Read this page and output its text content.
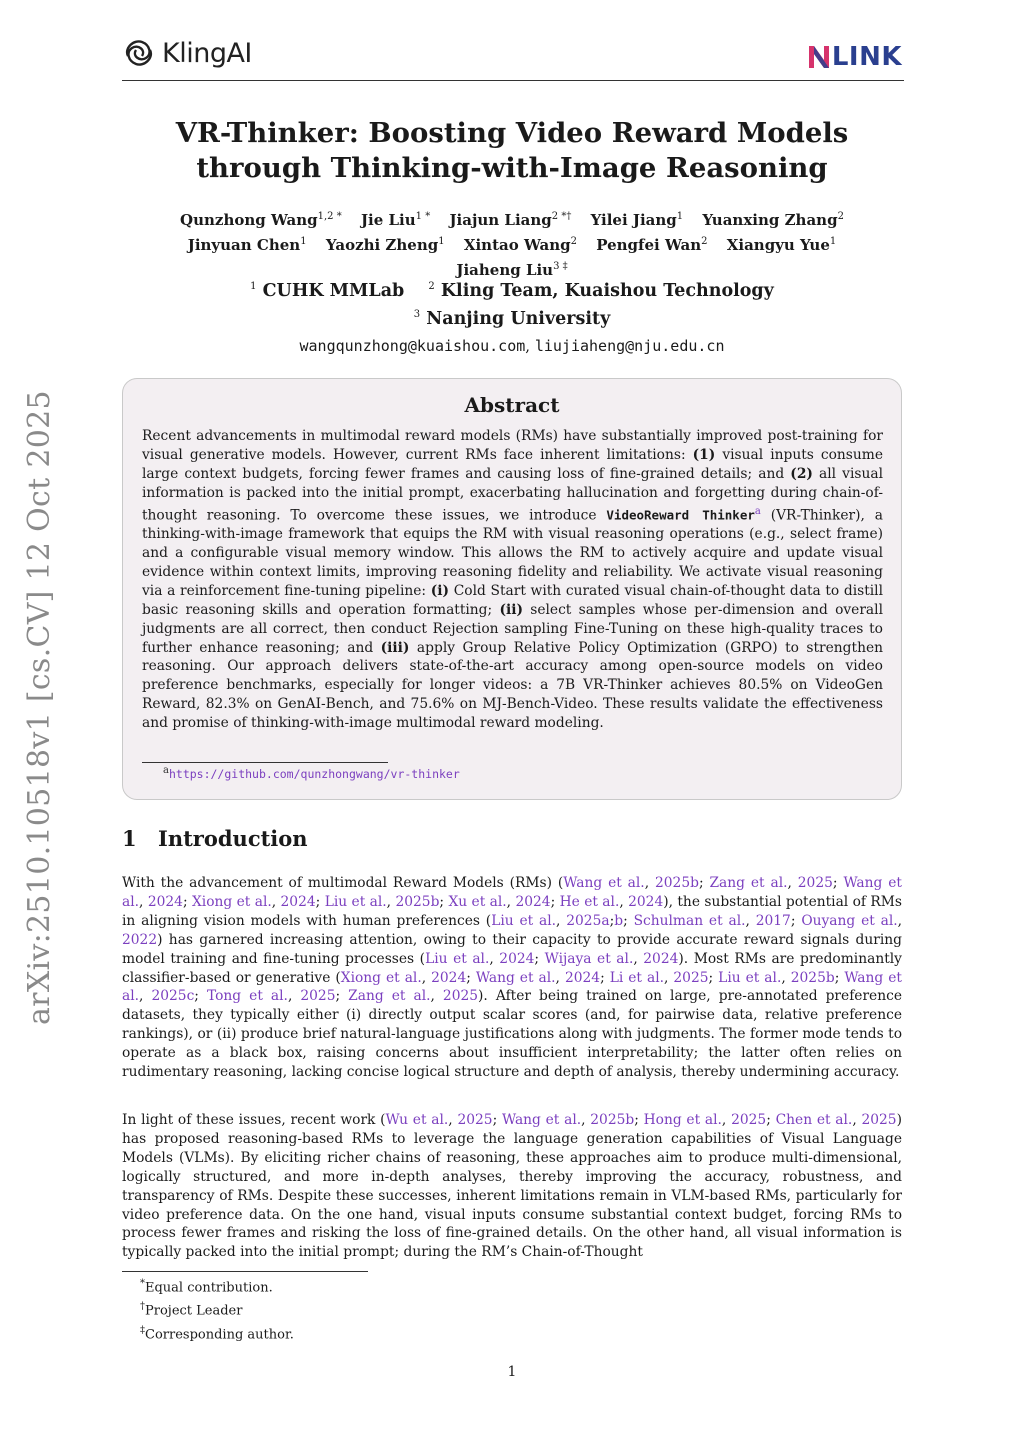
KlingAI	LINK
arXiv:2510.10518v1 [cs.CV] 12 Oct 2025
VR-Thinker: Boosting Video Reward Models
through Thinking-with-Image Reasoning
Qunzhong Wang$^{1,2 *}$ Jie Liu$^{1 *}$ Jiajun Liang$^{2 *\dagger}$ Yilei Jiang$^1$ Yuanxing Zhang$^2$
Jinyuan Chen$^1$ Yaozhi Zheng$^1$ Xintao Wang$^2$ Pengfei Wan$^2$ Xiangyu Yue$^1$
Jiaheng Liu$^{3 \ddagger}$
$^1$ CUHK MMLab $^2$ Kling Team, Kuaishou Technology
$^3$ Nanjing University
wangqunzhong@kuaishou.com, liujiaheng@nju.edu.cn
Abstract
Recent advancements in multimodal reward models (RMs) have substantially improved post-training for visual generative models. However, current RMs face inherent limitations: (1) visual inputs consume large context budgets, forcing fewer frames and causing loss of fine-grained details; and (2) all visual information is packed into the initial prompt, exacerbating hallucination and forgetting during chain-of-thought reasoning. To overcome these issues, we introduce VideoReward Thinker$^a$ (VR-Thinker), a thinking-with-image framework that equips the RM with visual reasoning operations (e.g., select frame) and a configurable visual memory window. This allows the RM to actively acquire and update visual evidence within context limits, improving reasoning fidelity and reliability. We activate visual reasoning via a reinforcement fine-tuning pipeline: (i) Cold Start with curated visual chain-of-thought data to distill basic reasoning skills and operation formatting; (ii) select samples whose per-dimension and overall judgments are all correct, then conduct Rejection sampling Fine-Tuning on these high-quality traces to further enhance reasoning; and (iii) apply Group Relative Policy Optimization (GRPO) to strengthen reasoning. Our approach delivers state-of-the-art accuracy among open-source models on video preference benchmarks, especially for longer videos: a 7B VR-Thinker achieves 80.5% on VideoGen Reward, 82.3% on GenAI-Bench, and 75.6% on MJ-Bench-Video. These results validate the effectiveness and promise of thinking-with-image multimodal reward modeling.
ahttps://github.com/qunzhongwang/vr-thinker
1 Introduction
With the advancement of multimodal Reward Models (RMs) (Wang et al., 2025b; Zang et al., 2025; Wang et al., 2024; Xiong et al., 2024; Liu et al., 2025b; Xu et al., 2024; He et al., 2024), the substantial potential of RMs in aligning vision models with human preferences (Liu et al., 2025a;b; Schulman et al., 2017; Ouyang et al., 2022) has garnered increasing attention, owing to their capacity to provide accurate reward signals during model training and fine-tuning processes (Liu et al., 2024; Wijaya et al., 2024). Most RMs are predominantly classifier-based or generative (Xiong et al., 2024; Wang et al., 2024; Li et al., 2025; Liu et al., 2025b; Wang et al., 2025c; Tong et al., 2025; Zang et al., 2025). After being trained on large, pre-annotated preference datasets, they typically either (i) directly output scalar scores (and, for pairwise data, relative preference rankings), or (ii) produce brief natural-language justifications along with judgments. The former mode tends to operate as a black box, raising concerns about insufficient interpretability; the latter often relies on rudimentary reasoning, lacking concise logical structure and depth of analysis, thereby undermining accuracy.
In light of these issues, recent work (Wu et al., 2025; Wang et al., 2025b; Hong et al., 2025; Chen et al., 2025) has proposed reasoning-based RMs to leverage the language generation capabilities of Visual Language Models (VLMs). By eliciting richer chains of reasoning, these approaches aim to produce multi-dimensional, logically structured, and more in-depth analyses, thereby improving the accuracy, robustness, and transparency of RMs. Despite these successes, inherent limitations remain in VLM-based RMs, particularly for video preference data. On the one hand, visual inputs consume substantial context budget, forcing RMs to process fewer frames and risking the loss of fine-grained details. On the other hand, all visual information is typically packed into the initial prompt; during the RM’s Chain-of-Thought
*Equal contribution.
†Project Leader
‡Corresponding author.
1
